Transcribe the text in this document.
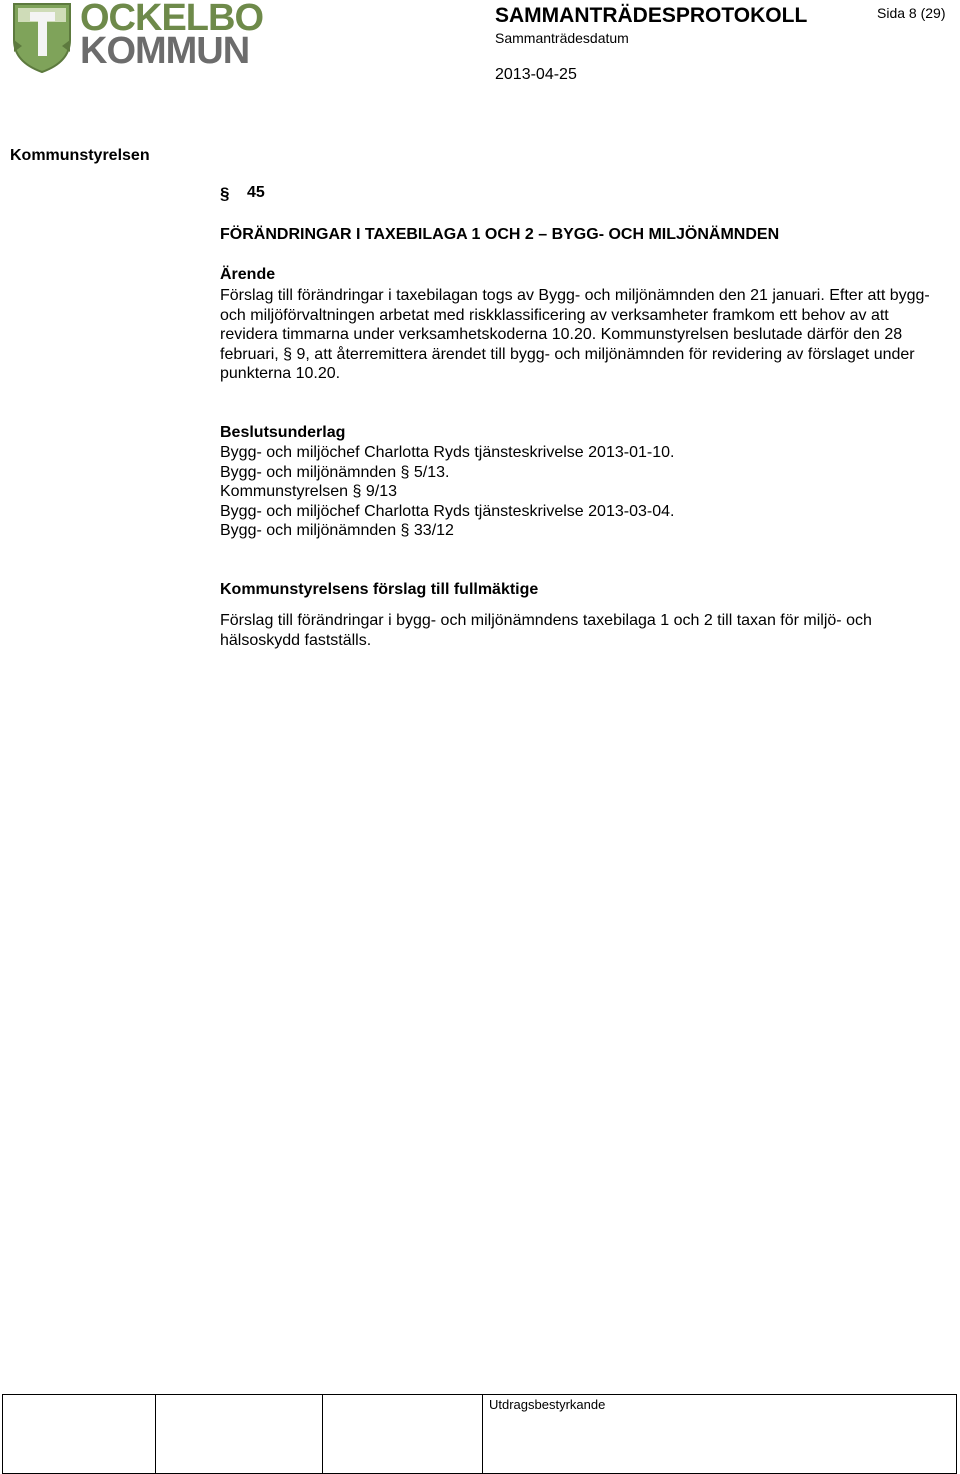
OCKELBO
KOMMUN
SAMMANTRÄDESPROTOKOLL	Sida 8 (29)
Sammanträdesdatum
2013-04-25
Kommunstyrelsen
§ 45
FÖRÄNDRINGAR I TAXEBILAGA 1 OCH 2 – BYGG- OCH MILJÖNÄMNDEN
Ärende
Förslag till förändringar i taxebilagan togs av Bygg- och miljönämnden den 21 januari. Efter att bygg- och miljöförvaltningen arbetat med riskklassificering av verksamheter framkom ett behov av att revidera timmarna under verksamhetskoderna 10.20. Kommunstyrelsen beslutade därför den 28 februari, § 9, att återremittera ärendet till bygg- och miljönämnden för revidering av förslaget under punkterna 10.20.
Beslutsunderlag
Bygg- och miljöchef Charlotta Ryds tjänsteskrivelse 2013-01-10.
Bygg- och miljönämnden § 5/13.
Kommunstyrelsen § 9/13
Bygg- och miljöchef Charlotta Ryds tjänsteskrivelse 2013-03-04.
Bygg- och miljönämnden § 33/12
Kommunstyrelsens förslag till fullmäktige
Förslag till förändringar i bygg- och miljönämndens taxebilaga 1 och 2 till taxan för miljö- och hälsoskydd fastställs.
Utdragsbestyrkande
